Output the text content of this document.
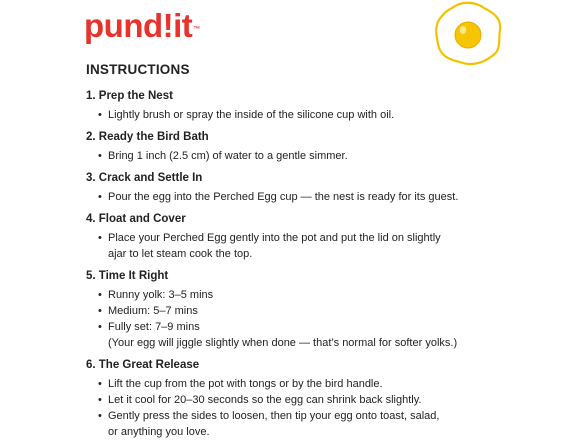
pund!it™
INSTRUCTIONS
1. Prep the Nest
• Lightly brush or spray the inside of the silicone cup with oil.
2. Ready the Bird Bath
• Bring 1 inch (2.5 cm) of water to a gentle simmer.
3. Crack and Settle In
• Pour the egg into the Perched Egg cup — the nest is ready for its guest.
4. Float and Cover
• Place your Perched Egg gently into the pot and put the lid on slightly
ajar to let steam cook the top.
5. Time It Right
• Runny yolk: 3–5 mins
• Medium: 5–7 mins
• Fully set: 7–9 mins
(Your egg will jiggle slightly when done — that’s normal for softer yolks.)
6. The Great Release
• Lift the cup from the pot with tongs or by the bird handle.
• Let it cool for 20–30 seconds so the egg can shrink back slightly.
• Gently press the sides to loosen, then tip your egg onto toast, salad,
or anything you love.
